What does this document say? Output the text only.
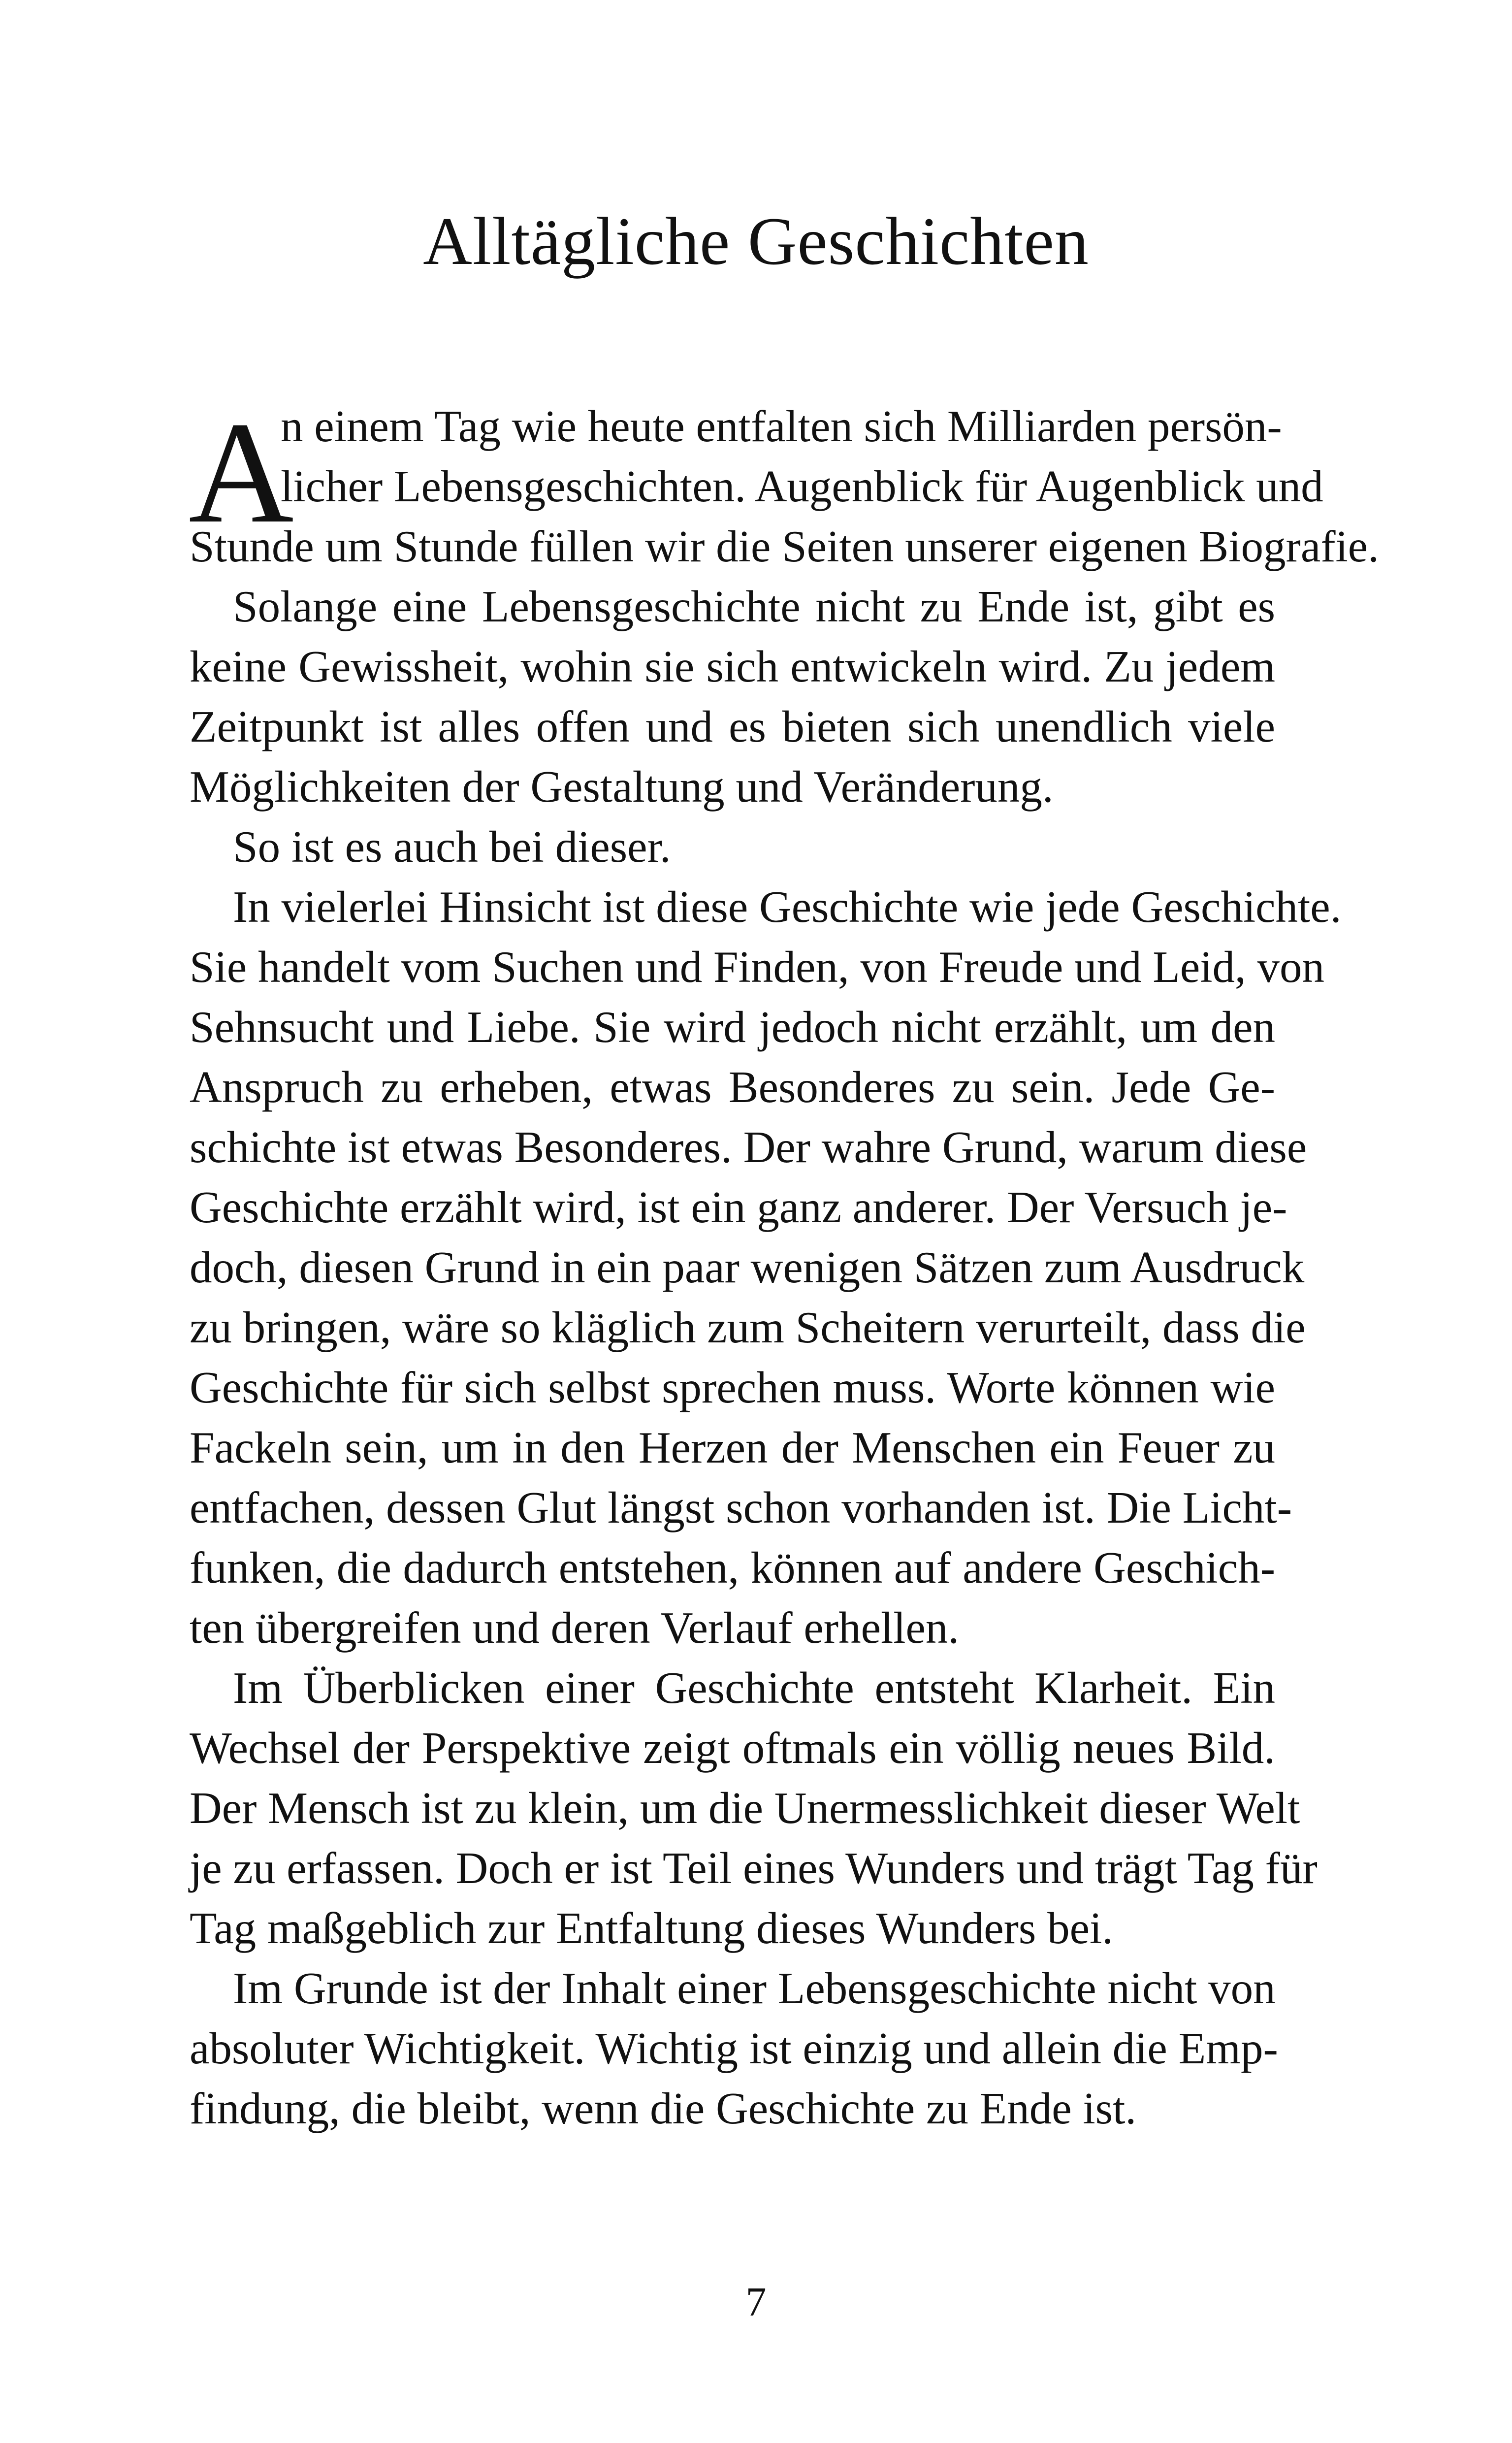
Alltägliche Geschichten
A
n einem Tag wie heute entfalten sich Milliarden persön-
licher Lebensgeschichten. Augenblick für Augenblick und
Stunde um Stunde füllen wir die Seiten unserer eigenen Biografie.
Solange eine Lebensgeschichte nicht zu Ende ist, gibt es
keine Gewissheit, wohin sie sich entwickeln wird. Zu jedem
Zeitpunkt ist alles offen und es bieten sich unendlich viele
Möglichkeiten der Gestaltung und Veränderung.
So ist es auch bei dieser.
In vielerlei Hinsicht ist diese Geschichte wie jede Geschichte.
Sie handelt vom Suchen und Finden, von Freude und Leid, von
Sehnsucht und Liebe. Sie wird jedoch nicht erzählt, um den
Anspruch zu erheben, etwas Besonderes zu sein. Jede Ge-
schichte ist etwas Besonderes. Der wahre Grund, warum diese
Geschichte erzählt wird, ist ein ganz anderer. Der Versuch je-
doch, diesen Grund in ein paar wenigen Sätzen zum Ausdruck
zu bringen, wäre so kläglich zum Scheitern verurteilt, dass die
Geschichte für sich selbst sprechen muss. Worte können wie
Fackeln sein, um in den Herzen der Menschen ein Feuer zu
entfachen, dessen Glut längst schon vorhanden ist. Die Licht-
funken, die dadurch entstehen, können auf andere Geschich-
ten übergreifen und deren Verlauf erhellen.
Im Überblicken einer Geschichte entsteht Klarheit. Ein
Wechsel der Perspektive zeigt oftmals ein völlig neues Bild.
Der Mensch ist zu klein, um die Unermesslichkeit dieser Welt
je zu erfassen. Doch er ist Teil eines Wunders und trägt Tag für
Tag maßgeblich zur Entfaltung dieses Wunders bei.
Im Grunde ist der Inhalt einer Lebensgeschichte nicht von
absoluter Wichtigkeit. Wichtig ist einzig und allein die Emp-
findung, die bleibt, wenn die Geschichte zu Ende ist.
7
